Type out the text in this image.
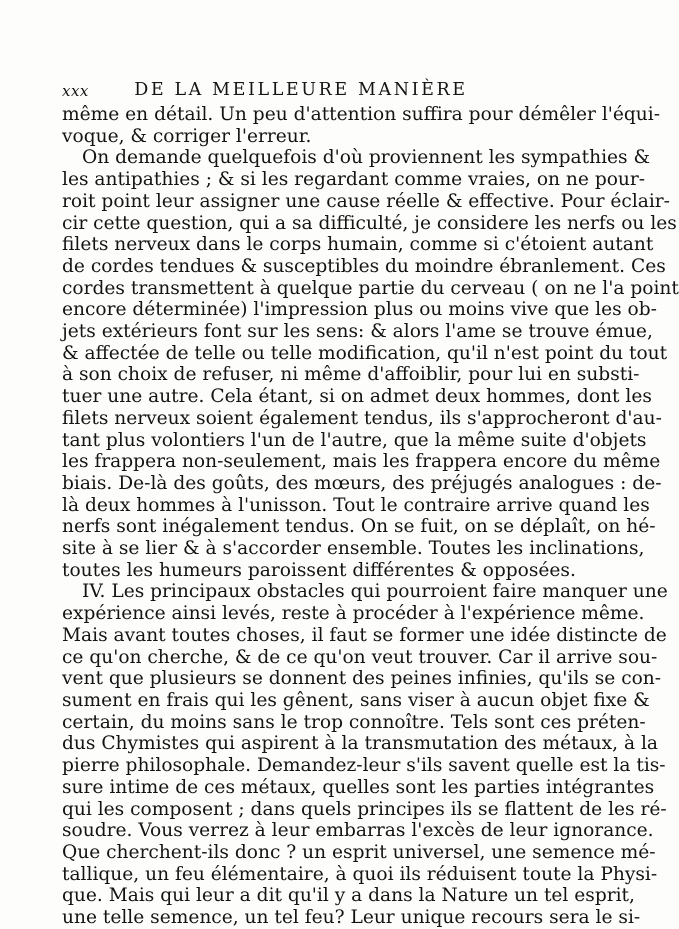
xxx	DE LA MEILLEURE MANIÈRE
même en détail. Un peu d'attention suffira pour démêler l'équi-
voque, & corriger l'erreur.
On demande quelquefois d'où proviennent les sympathies &
les antipathies ; & si les regardant comme vraies, on ne pour-
roit point leur assigner une cause réelle & effective. Pour éclair-
cir cette question, qui a sa difficulté, je considere les nerfs ou les
filets nerveux dans le corps humain, comme si c'étoient autant
de cordes tendues & susceptibles du moindre ébranlement. Ces
cordes transmettent à quelque partie du cerveau ( on ne l'a point
encore déterminée) l'impression plus ou moins vive que les ob-
jets extérieurs font sur les sens: & alors l'ame se trouve émue,
& affectée de telle ou telle modification, qu'il n'est point du tout
à son choix de refuser, ni même d'affoiblir, pour lui en substi-
tuer une autre. Cela étant, si on admet deux hommes, dont les
filets nerveux soient également tendus, ils s'approcheront d'au-
tant plus volontiers l'un de l'autre, que la même suite d'objets
les frappera non-seulement, mais les frappera encore du même
biais. De-là des goûts, des mœurs, des préjugés analogues : de-
là deux hommes à l'unisson. Tout le contraire arrive quand les
nerfs sont inégalement tendus. On se fuit, on se déplaît, on hé-
site à se lier & à s'accorder ensemble. Toutes les inclinations,
toutes les humeurs paroissent différentes & opposées.
IV. Les principaux obstacles qui pourroient faire manquer une
expérience ainsi levés, reste à procéder à l'expérience même.
Mais avant toutes choses, il faut se former une idée distincte de
ce qu'on cherche, & de ce qu'on veut trouver. Car il arrive sou-
vent que plusieurs se donnent des peines infinies, qu'ils se con-
sument en frais qui les gênent, sans viser à aucun objet fixe &
certain, du moins sans le trop connoître. Tels sont ces préten-
dus Chymistes qui aspirent à la transmutation des métaux, à la
pierre philosophale. Demandez-leur s'ils savent quelle est la tis-
sure intime de ces métaux, quelles sont les parties intégrantes
qui les composent ; dans quels principes ils se flattent de les ré-
soudre. Vous verrez à leur embarras l'excès de leur ignorance.
Que cherchent-ils donc ? un esprit universel, une semence mé-
tallique, un feu élémentaire, à quoi ils réduisent toute la Physi-
que. Mais qui leur a dit qu'il y a dans la Nature un tel esprit,
une telle semence, un tel feu? Leur unique recours sera le si-
